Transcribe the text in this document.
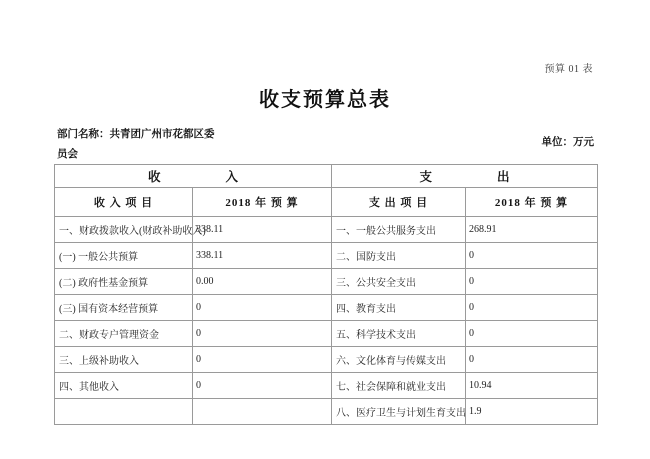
预算 01 表
收支预算总表
部门名称：共青团广州市花都区委
员会
单位：万元
收入		支出	
收 入 项 目	2018 年 预 算	支 出 项 目	2018 年 预 算
一、财政拨款收入(财政补助收入)	338.11	一、一般公共服务支出	268.91
(一) 一般公共预算	338.11	二、国防支出	0
(二) 政府性基金预算	0.00	三、公共安全支出	0
(三) 国有资本经营预算	0	四、教育支出	0
二、财政专户管理资金	0	五、科学技术支出	0
三、上级补助收入	0	六、文化体育与传媒支出	0
四、其他收入	0	七、社会保障和就业支出	10.94
		八、医疗卫生与计划生育支出	1.9
